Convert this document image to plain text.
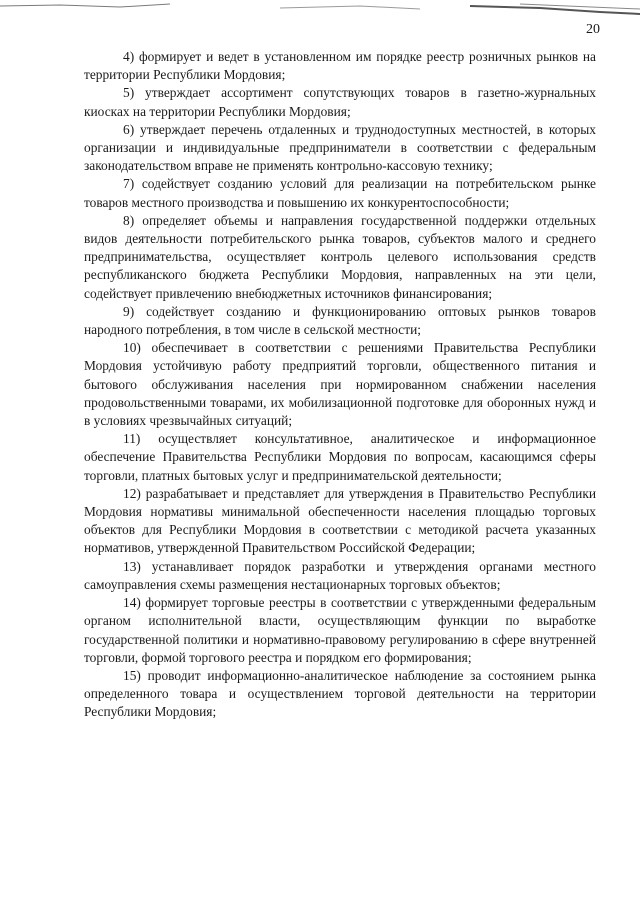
20

4) формирует и ведет в установленном им порядке реестр розничных рынков на территории Республики Мордовия;

5) утверждает ассортимент сопутствующих товаров в газетно-журнальных киосках на территории Республики Мордовия;

6) утверждает перечень отдаленных и труднодоступных местностей, в которых организации и индивидуальные предприниматели в соответствии с федеральным законодательством вправе не применять контрольно-кассовую технику;

7) содействует созданию условий для реализации на потребительском рынке товаров местного производства и повышению их конкурентоспособности;

8) определяет объемы и направления государственной поддержки отдельных видов деятельности потребительского рынка товаров, субъектов малого и среднего предпринимательства, осуществляет контроль целевого использования средств республиканского бюджета Республики Мордовия, направленных на эти цели, содействует привлечению внебюджетных источников финансирования;

9) содействует созданию и функционированию оптовых рынков товаров народного потребления, в том числе в сельской местности;

10) обеспечивает в соответствии с решениями Правительства Республики Мордовия устойчивую работу предприятий торговли, общественного питания и бытового обслуживания населения при нормированном снабжении населения продовольственными товарами, их мобилизационной подготовке для оборонных нужд и в условиях чрезвычайных ситуаций;

11) осуществляет консультативное, аналитическое и информационное обеспечение Правительства Республики Мордовия по вопросам, касающимся сферы торговли, платных бытовых услуг и предпринимательской деятельности;

12) разрабатывает и представляет для утверждения в Правительство Республики Мордовия нормативы минимальной обеспеченности населения площадью торговых объектов для Республики Мордовия в соответствии с методикой расчета указанных нормативов, утвержденной Правительством Российской Федерации;

13) устанавливает порядок разработки и утверждения органами местного самоуправления схемы размещения нестационарных торговых объектов;

14) формирует торговые реестры в соответствии с утвержденными федеральным органом исполнительной власти, осуществляющим функции по выработке государственной политики и нормативно-правовому регулированию в сфере внутренней торговли, формой торгового реестра и порядком его формирования;

15) проводит информационно-аналитическое наблюдение за состоянием рынка определенного товара и осуществлением торговой деятельности на территории Республики Мордовия;
